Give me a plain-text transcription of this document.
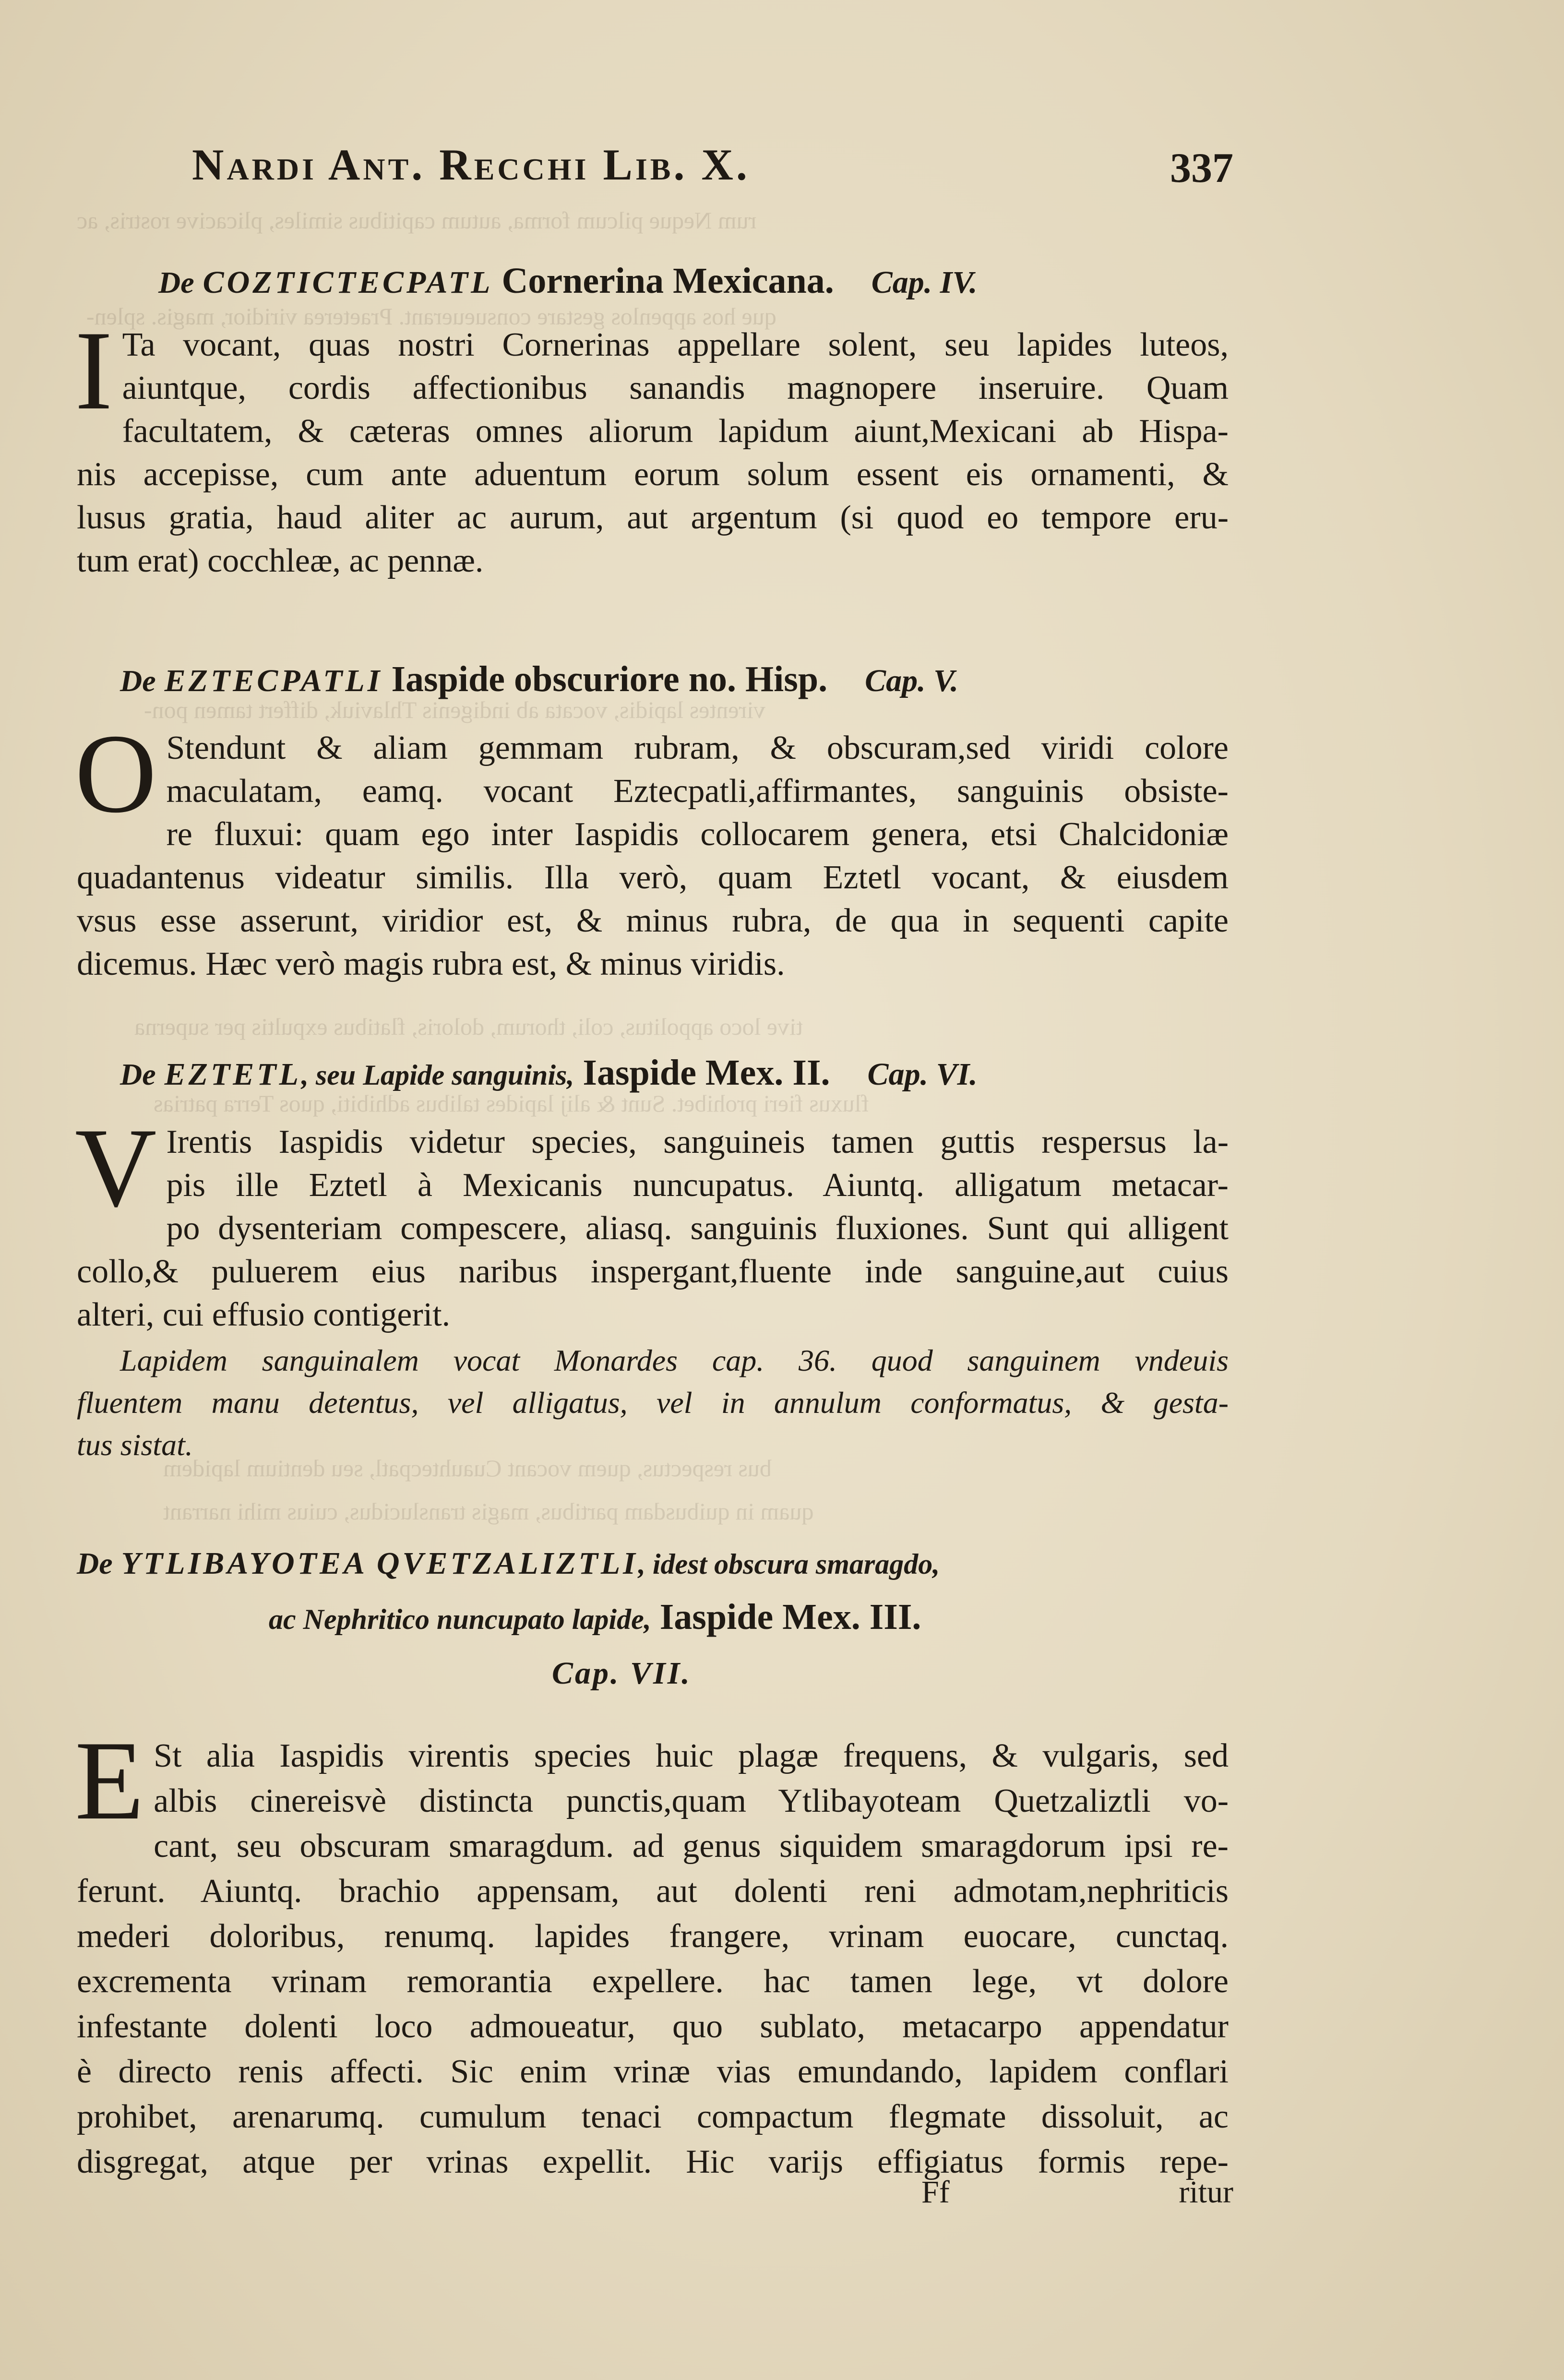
rum Neque pilcum forma, autum capitibus similes, plicacive rostris, ac
que hos appenlos gestare consueuerant. Praeterea viridior, magis. splen-
virentes lapidis, vocata ab indigenis Thlaviuk, differt tamen pon-
tive loco appolitus, coli, thorum, doloris, flatibus expultis per superna
fluxus fieri prohibet. Sunt & alij lapides talibus adhibiti, quos Terra patrias
bus respectus, quem vocant Cuauhtecpatl, seu dentium lapidem
quam in quibusdam partibus, magis translucidus, cuius mihi narrant
Nardi Ant. Recchi Lib. X.	337
De COZTICTECPATL Cornerina Mexicana. Cap. IV.
I Ta vocant, quas nostri Cornerinas appellare solent, seu lapides luteos,
aiuntque, cordis affectionibus sanandis magnopere inseruire. Quam
facultatem, & cæteras omnes aliorum lapidum aiunt,Mexicani ab Hispa-
nis accepisse, cum ante aduentum eorum solum essent eis ornamenti, &
lusus gratia, haud aliter ac aurum, aut argentum (si quod eo tempore eru-
tum erat) cocchleæ, ac pennæ.
De EZTECPATLI Iaspide obscuriore no. Hisp. Cap. V.
O Stendunt & aliam gemmam rubram, & obscuram,sed viridi colore
maculatam, eamq. vocant Eztecpatli,affirmantes, sanguinis obsiste-
re fluxui: quam ego inter Iaspidis collocarem genera, etsi Chalcidoniæ
quadantenus videatur similis. Illa verò, quam Eztetl vocant, & eiusdem
vsus esse asserunt, viridior est, & minus rubra, de qua in sequenti capite
dicemus. Hæc verò magis rubra est, & minus viridis.
De EZTETL, seu Lapide sanguinis, Iaspide Mex. II. Cap. VI.
V Irentis Iaspidis videtur species, sanguineis tamen guttis respersus la-
pis ille Eztetl à Mexicanis nuncupatus. Aiuntq. alligatum metacar-
po dysenteriam compescere, aliasq. sanguinis fluxiones. Sunt qui alligent
collo,& puluerem eius naribus inspergant,fluente inde sanguine,aut cuius
alteri, cui effusio contigerit.
Lapidem sanguinalem vocat Monardes cap. 36. quod sanguinem vndeuis
fluentem manu detentus, vel alligatus, vel in annulum conformatus, & gesta-
tus sistat.
De YTLIBAYOTEA QVETZALIZTLI, idest obscura smaragdo,
ac Nephritico nuncupato lapide, Iaspide Mex. III.
Cap. VII.
E St alia Iaspidis virentis species huic plagæ frequens, & vulgaris, sed
albis cinereisvè distincta punctis,quam Ytlibayoteam Quetzaliztli vo-
cant, seu obscuram smaragdum. ad genus siquidem smaragdorum ipsi re-
ferunt. Aiuntq. brachio appensam, aut dolenti reni admotam,nephriticis
mederi doloribus, renumq. lapides frangere, vrinam euocare, cunctaq.
excrementa vrinam remorantia expellere. hac tamen lege, vt dolore
infestante dolenti loco admoueatur, quo sublato, metacarpo appendatur
è directo renis affecti. Sic enim vrinæ vias emundando, lapidem conflari
prohibet, arenarumq. cumulum tenaci compactum flegmate dissoluit, ac
disgregat, atque per vrinas expellit. Hic varijs effigiatus formis repe-
Ff	ritur
